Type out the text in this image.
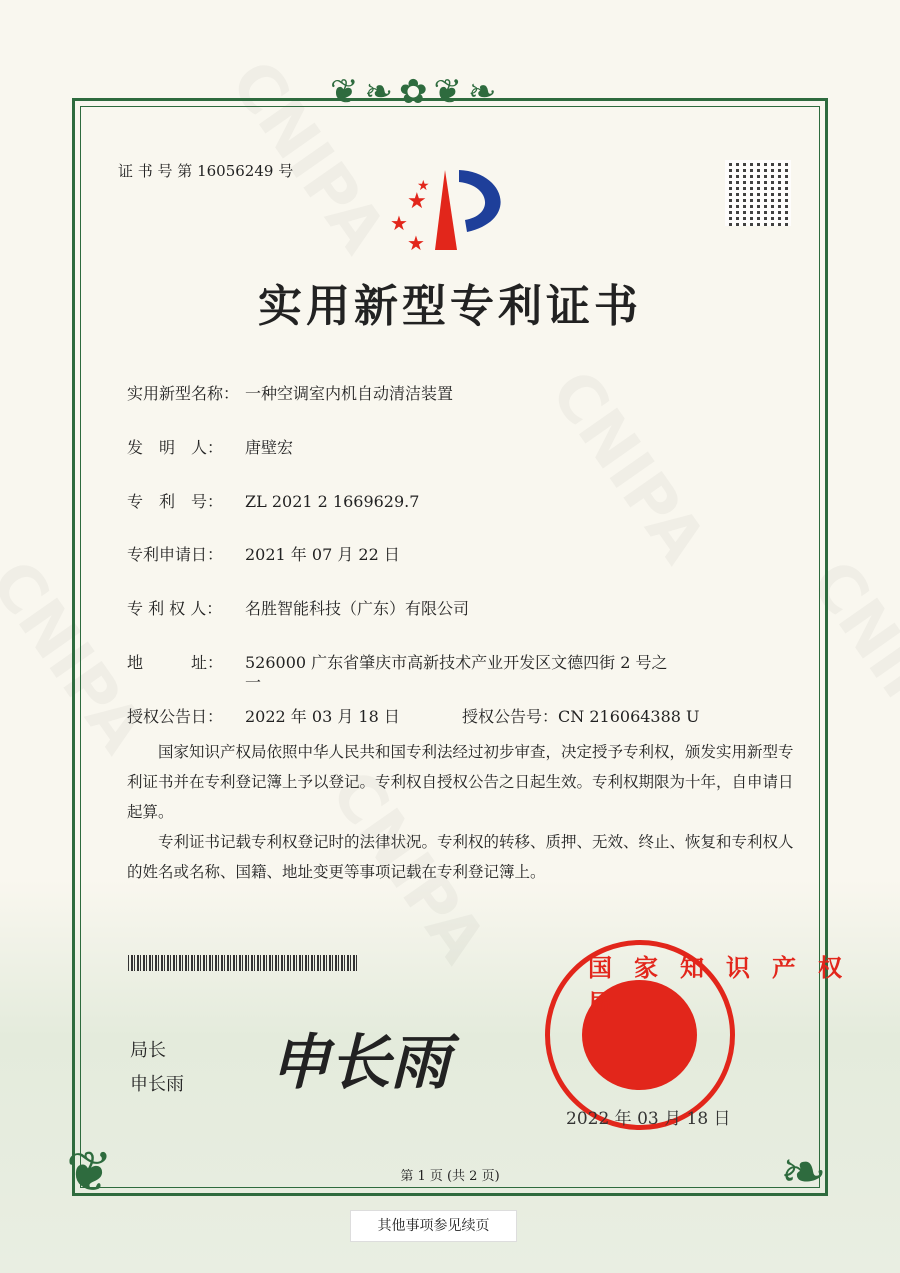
❦❧✿❦❧
❦	❧
证 书 号 第 16056249 号
★
★
★
★
实用新型专利证书
实用新型名称： 一种空调室内机自动清洁装置
发　明　人： 唐壁宏
专　利　号： ZL 2021 2 1669629.7
专利申请日： 2021 年 07 月 22 日
专 利 权 人： 名胜智能科技（广东）有限公司
地　　　址： 526000 广东省肇庆市高新技术产业开发区文德四街 2 号之
一
授权公告日： 2022 年 03 月 18 日	授权公告号：CN 216064388 U
国家知识产权局依照中华人民共和国专利法经过初步审查，决定授予专利权，颁发实用新型专利证书并在专利登记簿上予以登记。专利权自授权公告之日起生效。专利权期限为十年，自申请日起算。
专利证书记载专利权登记时的法律状况。专利权的转移、质押、无效、终止、恢复和专利权人的姓名或名称、国籍、地址变更等事项记载在专利登记簿上。
局长
申长雨 申长雨
国家知识产权局
2022 年 03 月 18 日
第 1 页 (共 2 页)
其他事项参见续页
